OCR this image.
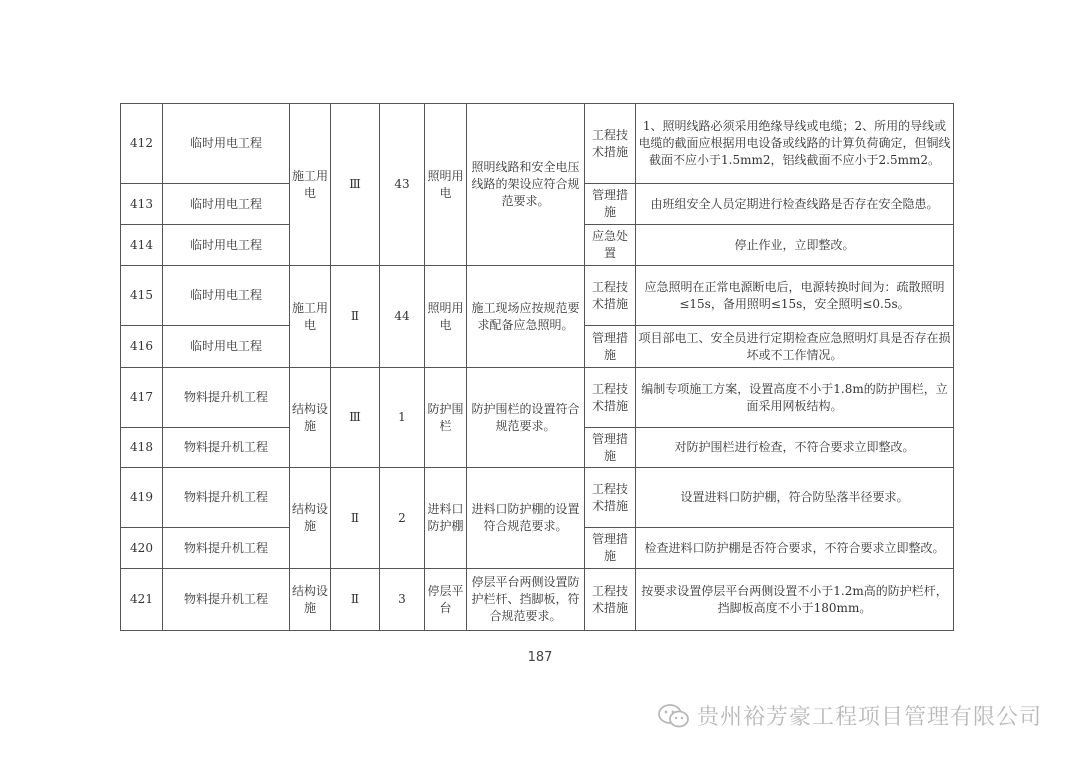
412	临时用电工程	施工用电	Ⅲ	43	照明用电	照明线路和安全电压线路的架设应符合规范要求。	工程技术措施	1、照明线路必须采用绝缘导线或电缆；2、所用的导线或电缆的截面应根据用电设备或线路的计算负荷确定，但铜线截面不应小于1.5mm2，铝线截面不应小于2.5mm2。
413	临时用电工程						管理措施	由班组安全人员定期进行检查线路是否存在安全隐患。
414	临时用电工程						应急处置	停止作业，立即整改。
415	临时用电工程	施工用电	Ⅱ	44	照明用电	施工现场应按规范要求配备应急照明。	工程技术措施	应急照明在正常电源断电后，电源转换时间为：疏散照明≤15s，备用照明≤15s，安全照明≤0.5s。
416	临时用电工程						管理措施	项目部电工、安全员进行定期检查应急照明灯具是否存在损坏或不工作情况。
417	物料提升机工程	结构设施	Ⅲ	1	防护围栏	防护围栏的设置符合规范要求。	工程技术措施	编制专项施工方案，设置高度不小于1.8m的防护围栏，立面采用网板结构。
418	物料提升机工程						管理措施	对防护围栏进行检查，不符合要求立即整改。
419	物料提升机工程	结构设施	Ⅱ	2	进料口防护棚	进料口防护棚的设置符合规范要求。	工程技术措施	设置进料口防护棚，符合防坠落半径要求。
420	物料提升机工程						管理措施	检查进料口防护棚是否符合要求，不符合要求立即整改。
421	物料提升机工程	结构设施	Ⅱ	3	停层平台	停层平台两侧设置防护栏杆、挡脚板，符合规范要求。	工程技术措施	按要求设置停层平台两侧设置不小于1.2m高的防护栏杆，挡脚板高度不小于180mm。
187
贵州裕芳豪工程项目管理有限公司
